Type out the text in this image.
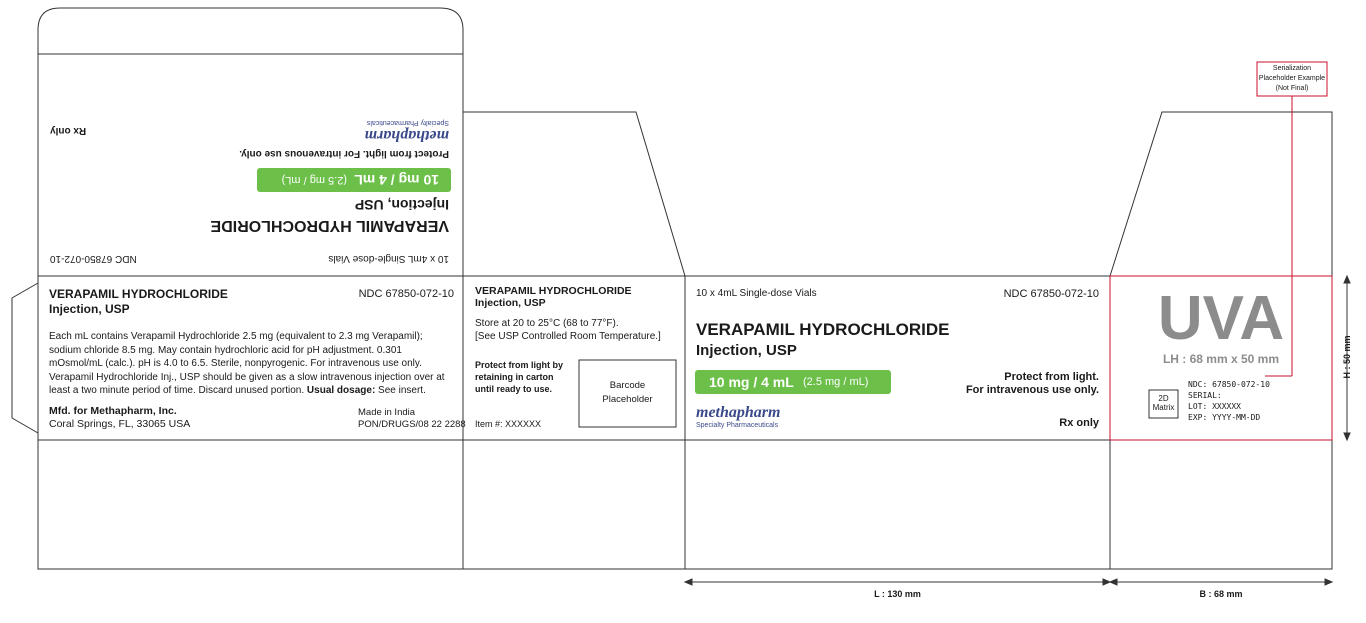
10 x 4mL Single-dose Vials
NDC 67850-072-10
VERAPAMIL HYDROCHLORIDE
Injection, USP
10 mg / 4 mL
(2.5 mg / mL)
Protect from light. For intravenous use only.
methapharm
Specialty Pharmaceuticals
Rx only
VERAPAMIL HYDROCHLORIDE
Injection, USP
NDC 67850-072-10
Each mL contains Verapamil Hydrochloride 2.5 mg (equivalent to 2.3 mg Verapamil); sodium chloride 8.5 mg. May contain hydrochloric acid for pH adjustment. 0.301 mOsmol/mL (calc.). pH is 4.0 to 6.5. Sterile, nonpyrogenic. For intravenous use only. Verapamil Hydrochloride Inj., USP should be given as a slow intravenous injection over at least a two minute period of time. Discard unused portion. Usual dosage: See insert.
Mfd. for Methapharm, Inc.
Coral Springs, FL, 33065 USA
Made in India
PON/DRUGS/08 22 2288
VERAPAMIL HYDROCHLORIDE
Injection, USP
Store at 20 to 25°C (68 to 77°F).
[See USP Controlled Room Temperature.]
Protect from light by
retaining in carton
until ready to use.	Barcode
Placeholder
Item #: XXXXXX
10 x 4mL Single-dose Vials	NDC 67850-072-10
VERAPAMIL HYDROCHLORIDE
Injection, USP
10 mg / 4 mL (2.5 mg / mL)	Protect from light.
For intravenous use only.
methapharm
Specialty Pharmaceuticals	Rx only
UVA
LH : 68 mm x 50 mm
2D
Matrix
NDC: 67850-072-10
SERIAL:
LOT: XXXXXX
EXP: YYYY-MM-DD
Serialization
Placeholder Example
(Not Final)
L : 130 mm	B : 68 mm
H : 50 mm
